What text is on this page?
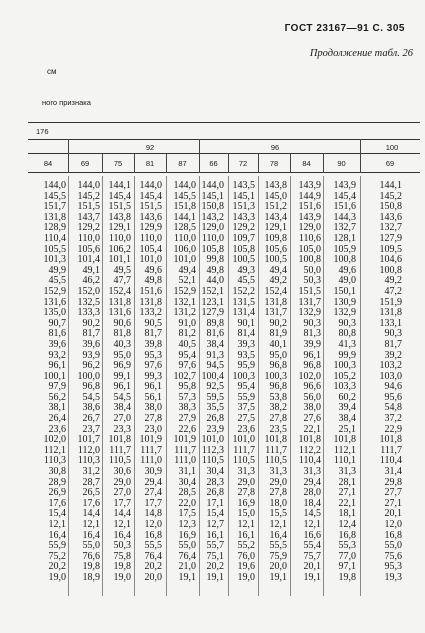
ГОСТ 23167—91 С. 305
Продолжение табл. 26
см
ного признака
176
92	96	100
84
144,0
145,5
151,7
131,8
128,9
110,4
105,5
101,3
49,9
45,5
152,9
131,6
135,0
90,7
81,6
39,6
93,2
96,1
100,1
97,9
56,2
38,1
26,4
23,6
102,0
112,1
110,3
30,8
28,9
26,9
17,6
15,4
12,1
16,4
55,9
75,2
20,2
19,0
69
144,0
145,2
151,5
143,7
129,2
110,0
105,6
101,4
49,1
46,2
152,0
132,5
133,3
90,2
81,7
39,6
93,9
96,2
100,0
96,8
54,5
38,6
26,7
23,7
101,7
112,0
110,3
31,2
28,7
26,5
17,6
14,4
12,1
16,4
55,0
76,6
19,8
18,9
75
144,1
145,4
151,5
143,8
129,1
110,0
106,2
101,1
49,5
47,7
152,4
131,8
131,6
90,6
81,8
40,3
95,0
96,9
99,1
96,1
54,5
38,4
27,0
23,3
101,8
111,7
110,5
30,6
29,0
27,0
17,7
14,4
12,1
16,4
50,3
75,8
19,8
19,0
81
144,0
145,4
151,5
143,6
129,9
110,0
105,4
101,0
49,6
49,8
151,6
131,8
133,2
90,5
81,7
39,8
95,3
97,6
99,3
96,1
56,1
38,0
27,8
23,0
101,9
111,7
111,0
30,9
29,4
27,4
17,7
14,8
12,0
16,8
55,5
76,4
20,2
20,0
87
144,0
145,5
151,8
144,1
128,5
110,0
106,0
101,0
49,4
52,1
152,9
132,1
131,2
91,0
81,2
40,5
95,4
97,6
102,7
95,8
57,3
38,3
27,9
22,6
101,9
111,7
111,0
31,1
30,4
28,5
22,0
17,5
12,3
16,9
55,0
76,4
21,0
19,1
66
144,0
145,1
150,8
143,2
129,0
110,0
105,8
99,8
49,8
44,0
152,1
123,1
127,9
89,8
81,6
38,4
91,3
94,5
100,4
92,5
59,5
35,5
26,8
23,9
101,0
112,3
110,5
30,4
28,3
26,8
17,1
15,4
12,7
16,1
55,7
75,1
20,2
19,1
72
143,5
145,1
151,3
143,3
129,2
109,7
105,8
100,5
49,3
45,5
152,2
131,5
131,4
90,1
81,4
39,3
93,5
95,9
100,3
95,4
55,9
37,5
27,5
23,6
101,0
111,7
110,5
31,3
29,0
27,8
16,9
15,0
12,1
16,1
55,2
76,0
19,6
19,0
78
143,8
145,0
151,2
143,4
129,1
109,8
105,6
100,5
49,4
49,2
152,4
131,8
131,7
90,2
81,9
40,1
95,0
96,8
100,3
96,8
53,8
38,2
27,8
23,5
101,8
111,7
110,5
31,3
29,0
27,8
18,0
15,5
12,1
16,4
55,5
75,9
20,0
19,1
84
143,9
144,9
151,6
143,9
129,0
110,6
105,0
100,8
50,0
50,3
151,5
131,7
132,9
90,3
81,3
39,9
96,1
96,8
102,0
96,6
56,0
38,0
27,6
22,1
101,8
112,2
110,4
31,3
29,4
28,0
18,4
14,5
12,1
16,6
55,4
75,7
20,1
19,1
90
143,9
145,4
151,6
144,3
132,7
128,1
105,9
100,8
49,6
49,0
150,1
130,9
132,9
90,3
80,8
41,3
99,9
100,3
105,2
103,3
60,2
39,4
38,4
25,1
101,8
112,1
110,1
31,3
28,1
27,1
22,1
18,1
12,4
16,8
55,3
77,0
97,1
19,8
69
144,1
145,2
150,8
143,6
132,7
127,9
109,5
104,6
100,8
49,2
47,2
151,9
131,8
133,1
90,3
81,7
39,2
103,2
103,0
94,6
95,6
54,8
37,2
22,9
101,8
111,7
110,4
31,4
29,8
27,7
27,1
20,1
12,0
16,8
55,0
75,6
95,3
19,3
